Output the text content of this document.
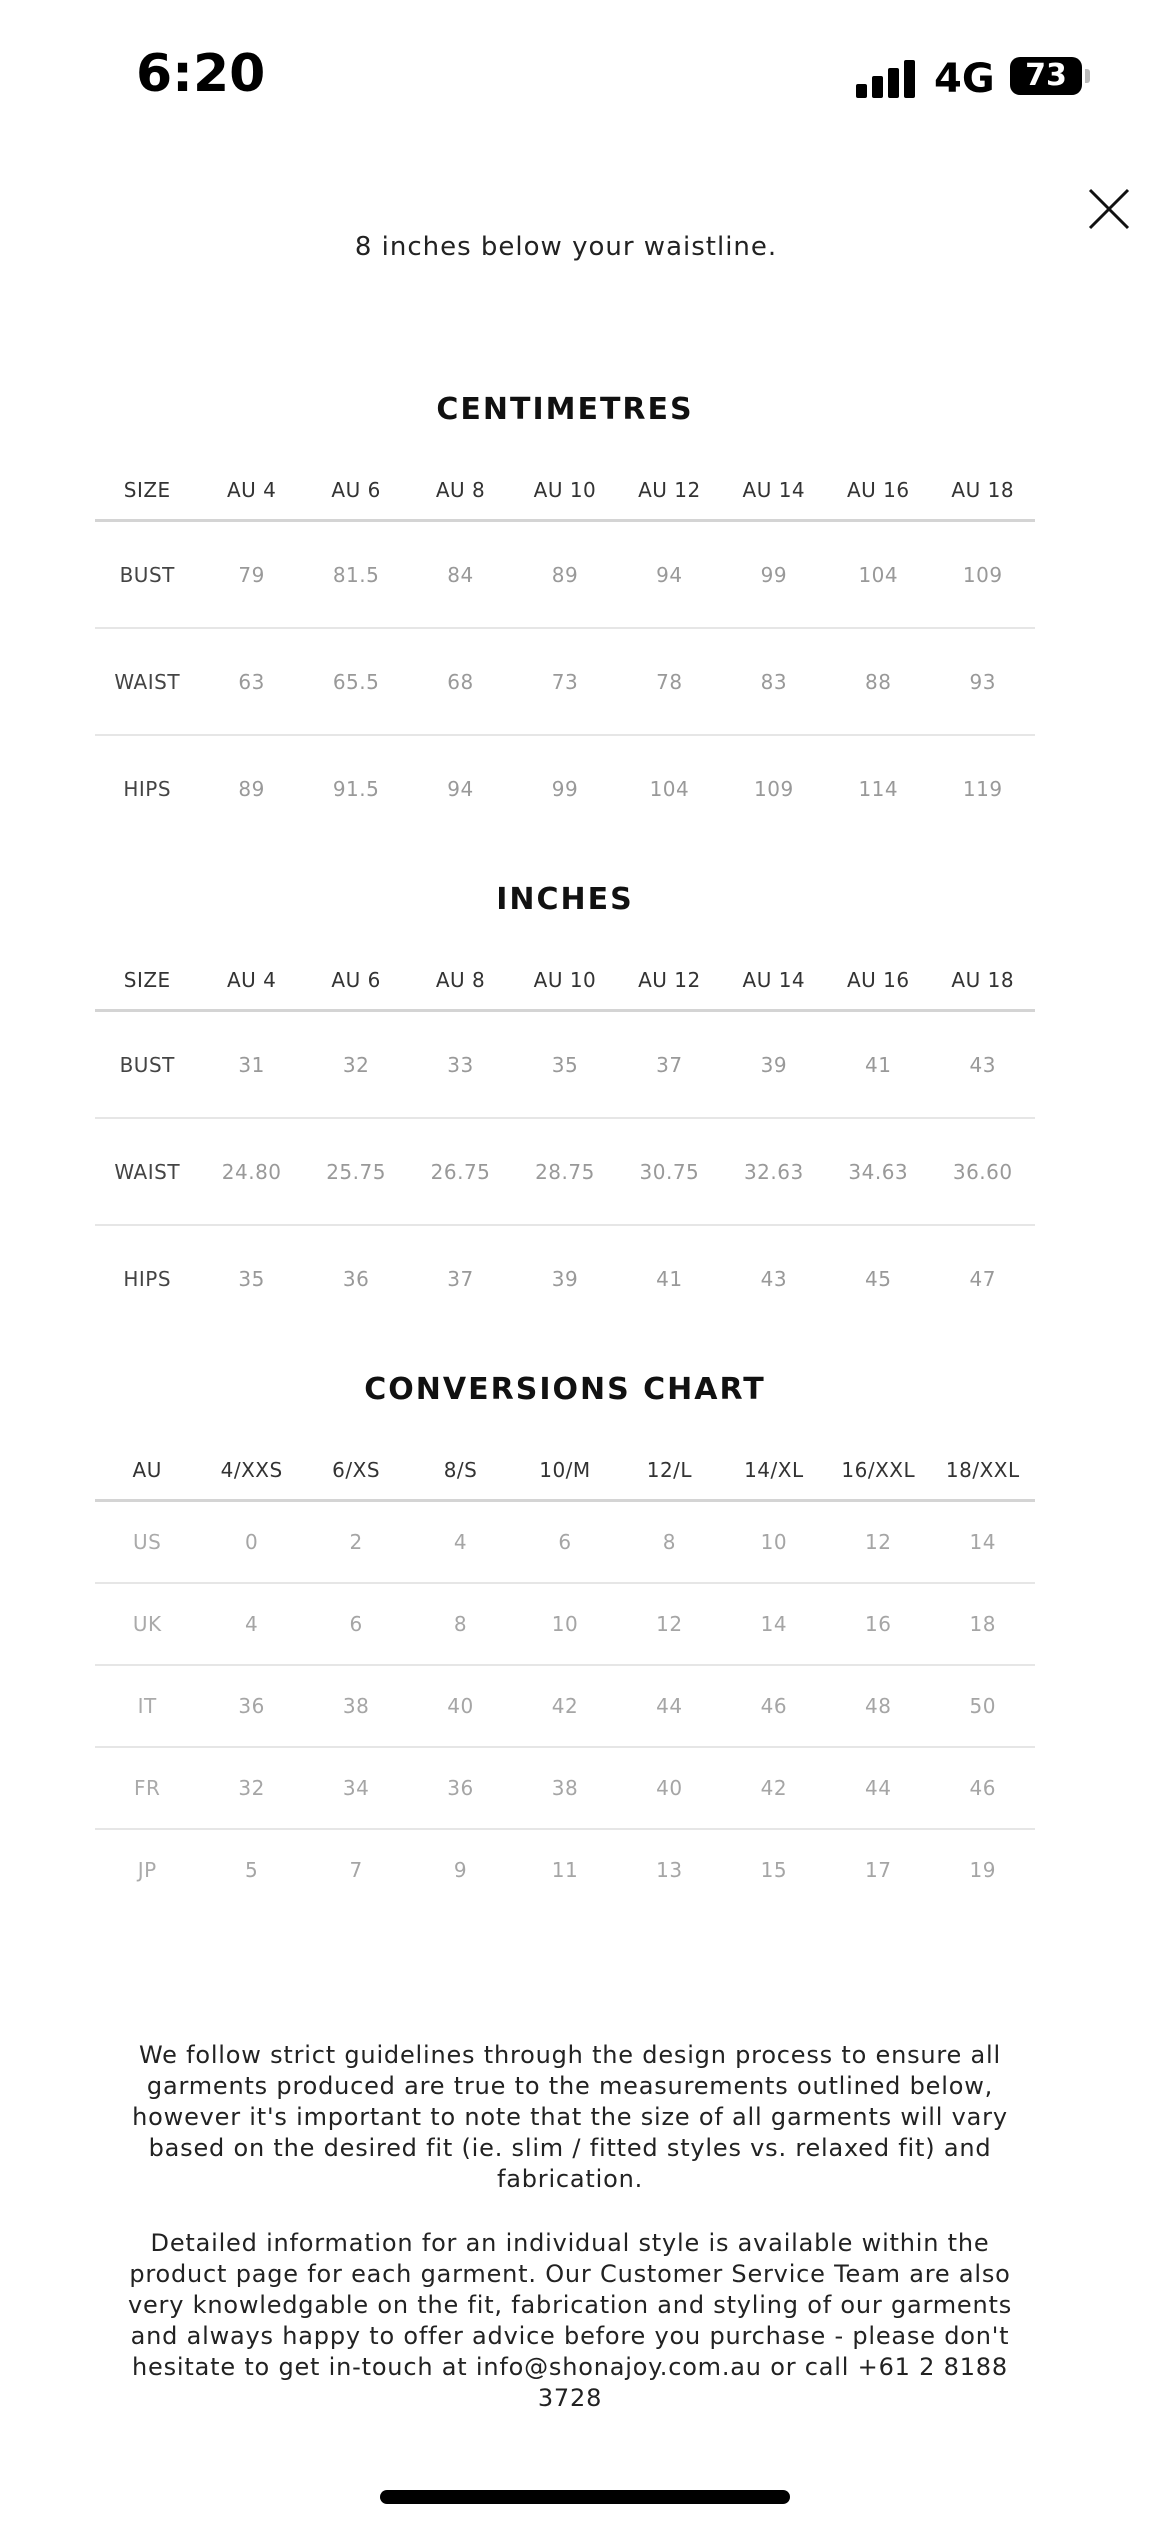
6:20	4G	73
8 inches below your waistline.
CENTIMETRES
SIZE	AU 4	AU 6	AU 8	AU 10	AU 12	AU 14	AU 16	AU 18
BUST	79	81.5	84	89	94	99	104	109
WAIST	63	65.5	68	73	78	83	88	93
HIPS	89	91.5	94	99	104	109	114	119
INCHES
SIZE	AU 4	AU 6	AU 8	AU 10	AU 12	AU 14	AU 16	AU 18
BUST	31	32	33	35	37	39	41	43
WAIST	24.80	25.75	26.75	28.75	30.75	32.63	34.63	36.60
HIPS	35	36	37	39	41	43	45	47
CONVERSIONS CHART
AU	4/XXS	6/XS	8/S	10/M	12/L	14/XL	16/XXL	18/XXL
US	0	2	4	6	8	10	12	14
UK	4	6	8	10	12	14	16	18
IT	36	38	40	42	44	46	48	50
FR	32	34	36	38	40	42	44	46
JP	5	7	9	11	13	15	17	19

We follow strict guidelines through the design process to ensure all garments produced are true to the measurements outlined below, however it's important to note that the size of all garments will vary based on the desired fit (ie. slim / fitted styles vs. relaxed fit) and fabrication.

Detailed information for an individual style is available within the product page for each garment. Our Customer Service Team are also very knowledgable on the fit, fabrication and styling of our garments and always happy to offer advice before you purchase - please don't hesitate to get in-touch at info@shonajoy.com.au or call +61 2 8188 3728
